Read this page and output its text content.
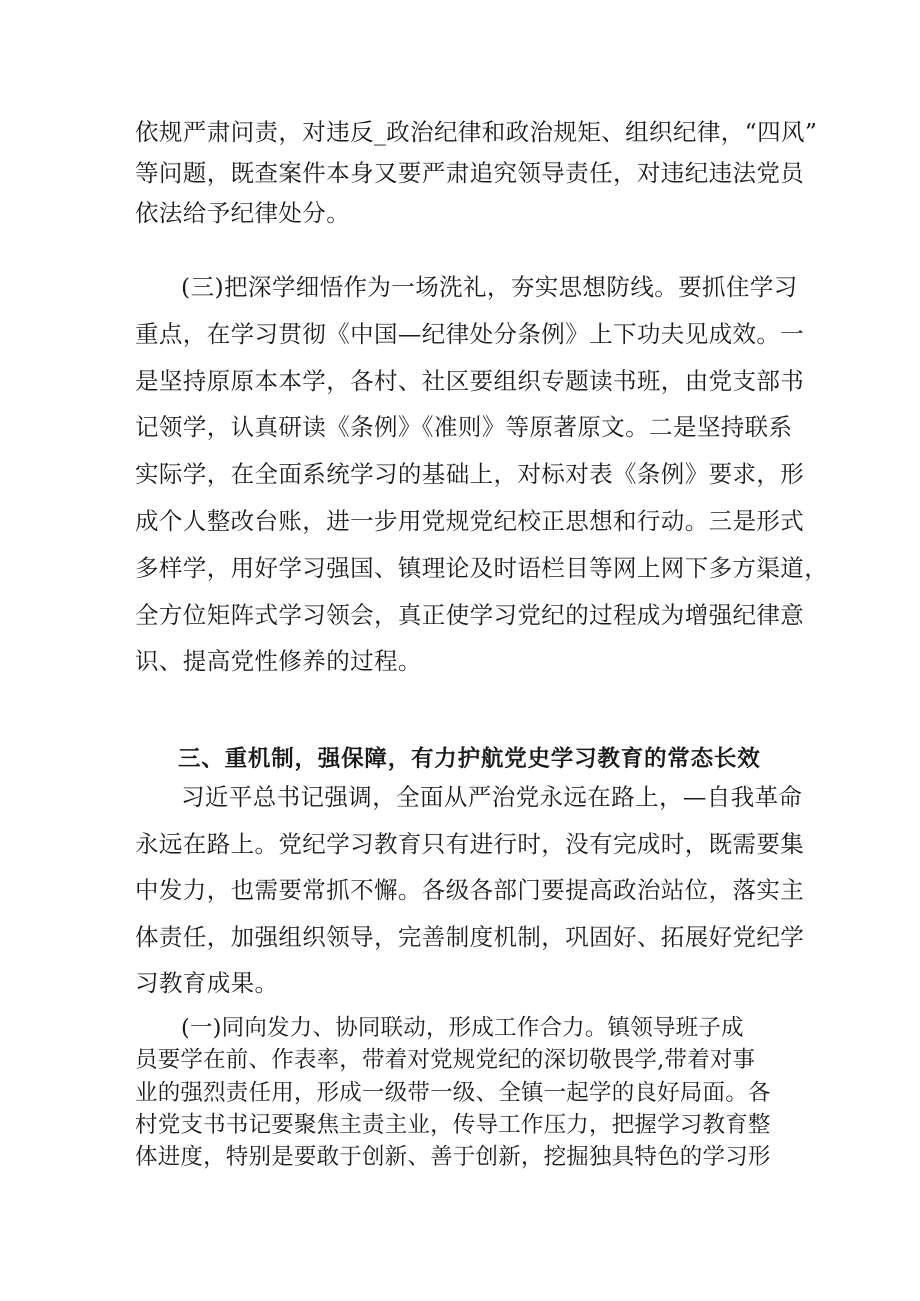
依规严肃问责，对违反_政治纪律和政治规矩、组织纪律，“四风”
等问题，既查案件本身又要严肃追究领导责任，对违纪违法党员
依法给予纪律处分。
(三)把深学细悟作为一场洗礼，夯实思想防线。要抓住学习
重点，在学习贯彻《中国—纪律处分条例》上下功夫见成效。一
是坚持原原本本学，各村、社区要组织专题读书班，由党支部书
记领学，认真研读《条例》《准则》等原著原文。二是坚持联系
实际学，在全面系统学习的基础上，对标对表《条例》要求，形
成个人整改台账，进一步用党规党纪校正思想和行动。三是形式
多样学，用好学习强国、镇理论及时语栏目等网上网下多方渠道，
全方位矩阵式学习领会，真正使学习党纪的过程成为增强纪律意
识、提高党性修养的过程。
三、重机制，强保障，有力护航党史学习教育的常态长效
习近平总书记强调，全面从严治党永远在路上，—自我革命
永远在路上。党纪学习教育只有进行时，没有完成时，既需要集
中发力，也需要常抓不懈。各级各部门要提高政治站位，落实主
体责任，加强组织领导，完善制度机制，巩固好、拓展好党纪学
习教育成果。
(一)同向发力、协同联动，形成工作合力。镇领导班子成
员要学在前、作表率，带着对党规党纪的深切敬畏学,带着对事
业的强烈责任用，形成一级带一级、全镇一起学的良好局面。各
村党支书书记要聚焦主责主业，传导工作压力，把握学习教育整
体进度，特别是要敢于创新、善于创新，挖掘独具特色的学习形
